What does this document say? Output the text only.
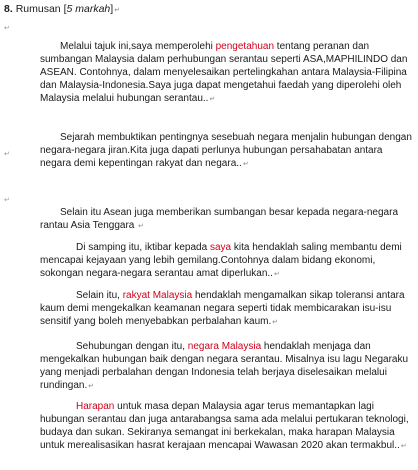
8. Rumusan [5 markah]↵
↵
↵
↵

Melalui tajuk ini,saya memperolehi pengetahuan tentang peranan dan sumbangan Malaysia dalam perhubungan serantau seperti ASA,MAPHILINDO dan ASEAN. Contohnya, dalam menyelesaikan pertelingkahan antara Malaysia-Filipina dan Malaysia-Indonesia.Saya juga dapat mengetahui faedah yang diperolehi oleh Malaysia melalui hubungan serantau..↵

Sejarah membuktikan pentingnya sesebuah negara menjalin hubungan dengan negara-negara jiran.Kita juga dapati perlunya hubungan persahabatan antara negara demi kepentingan rakyat dan negara..↵

Selain itu Asean juga memberikan sumbangan besar kepada negara-negara rantau Asia Tenggara ↵

Di samping itu, iktibar kepada saya kita hendaklah saling membantu demi mencapai kejayaan yang lebih gemilang.Contohnya dalam bidang ekonomi, sokongan negara-negara serantau amat diperlukan..↵

Selain itu, rakyat Malaysia hendaklah mengamalkan sikap toleransi antara kaum demi mengekalkan keamanan negara seperti tidak membicarakan isu-isu sensitif yang boleh menyebabkan perbalahan kaum.↵

Sehubungan dengan itu, negara Malaysia hendaklah menjaga dan mengekalkan hubungan baik dengan negara serantau. Misalnya isu lagu Negaraku yang menjadi perbalahan dengan Indonesia telah berjaya diselesaikan melalui rundingan.↵

Harapan untuk masa depan Malaysia agar terus memantapkan lagi hubungan serantau dan juga antarabangsa sama ada melalui pertukaran teknologi, budaya dan sukan. Sekiranya semangat ini berkekalan, maka harapan Malaysia untuk merealisasikan hasrat kerajaan mencapai Wawasan 2020 akan termakbul..↵
